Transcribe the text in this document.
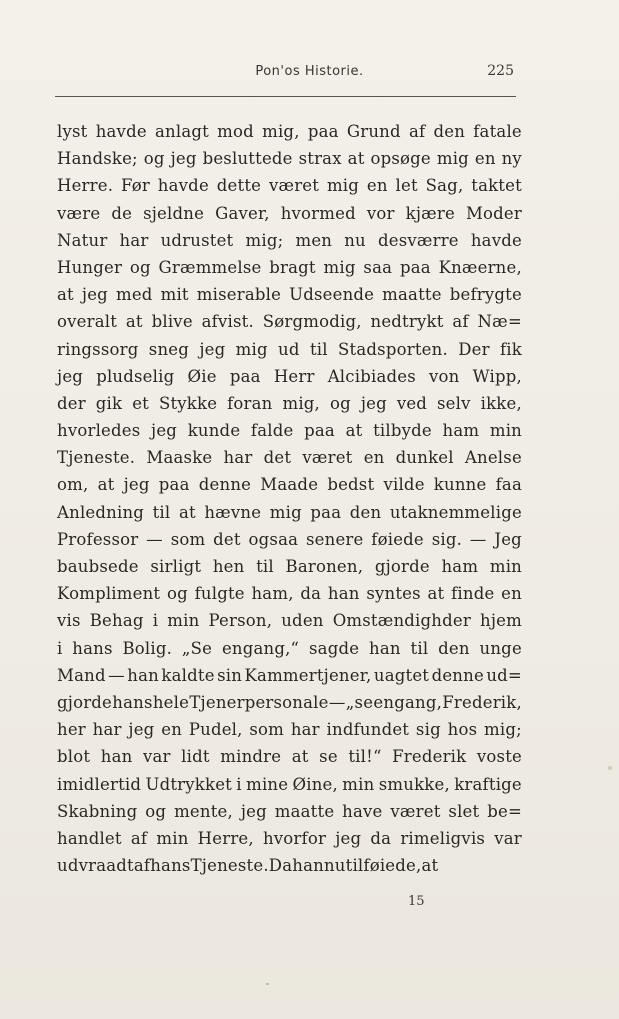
Pon'os Historie.	225
lyst havde anlagt mod mig, paa Grund af den fatale
Handske; og jeg besluttede strax at opsøge mig en ny
Herre. Før havde dette været mig en let Sag, taktet
være de sjeldne Gaver, hvormed vor kjære Moder
Natur har udrustet mig; men nu desværre havde
Hunger og Græmmelse bragt mig saa paa Knæerne,
at jeg med mit miserable Udseende maatte befrygte
overalt at blive afvist. Sørgmodig, nedtrykt af Næ=
ringssorg sneg jeg mig ud til Stadsporten. Der fik
jeg pludselig Øie paa Herr Alcibiades von Wipp,
der gik et Stykke foran mig, og jeg ved selv ikke,
hvorledes jeg kunde falde paa at tilbyde ham min
Tjeneste. Maaske har det været en dunkel Anelse
om, at jeg paa denne Maade bedst vilde kunne faa
Anledning til at hævne mig paa den utaknemmelige
Professor — som det ogsaa senere føiede sig. — Jeg
baubsede sirligt hen til Baronen, gjorde ham min
Kompliment og fulgte ham, da han syntes at finde en
vis Behag i min Person, uden Omstændighder hjem
i hans Bolig. „Se engang,“ sagde han til den unge
Mand — han kaldte sin Kammertjener, uagtet denne ud=
gjorde hans hele Tjenerpersonale — „se engang, Frederik,
her har jeg en Pudel, som har indfundet sig hos mig;
blot han var lidt mindre at se til!“ Frederik voste
imidlertid Udtrykket i mine Øine, min smukke, kraftige
Skabning og mente, jeg maatte have været slet be=
handlet af min Herre, hvorfor jeg da rimeligvis var
udvraadt af hans Tjeneste. Da han nu tilføiede, at
15
